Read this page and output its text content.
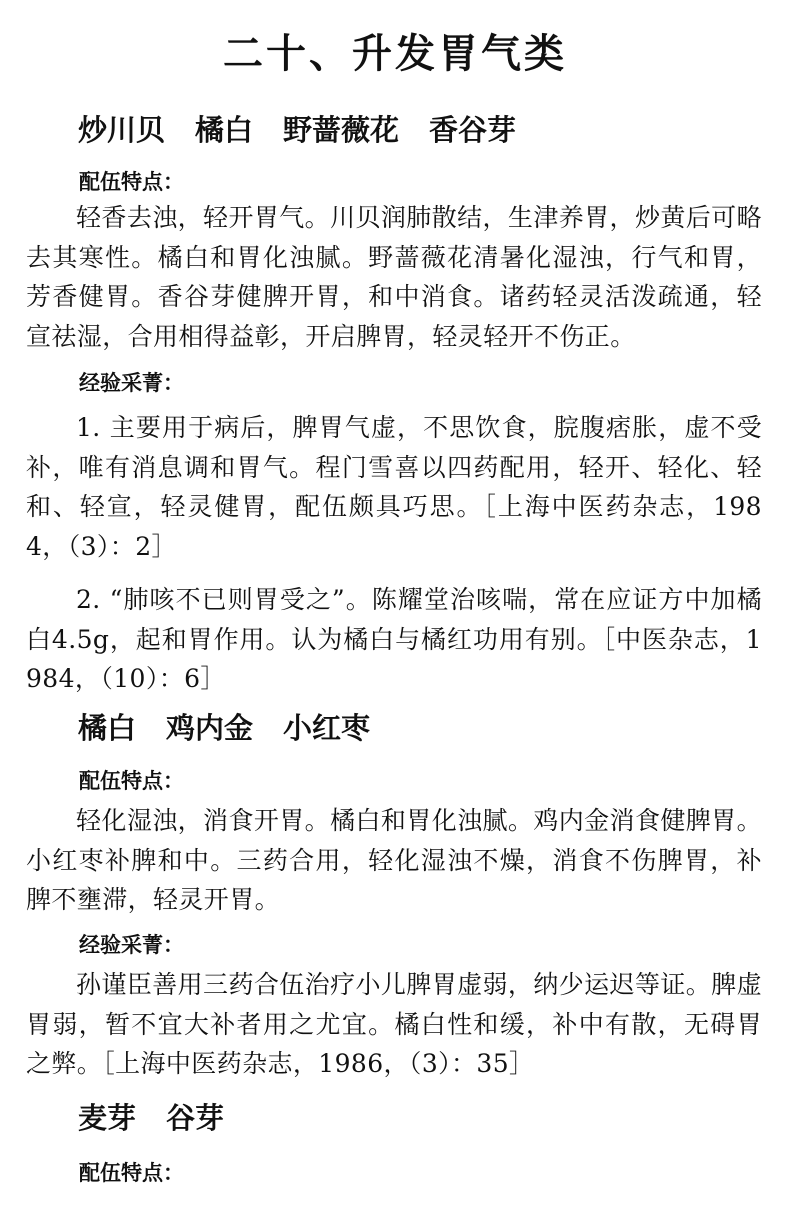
二十、升发胃气类
炒川贝 橘白 野蔷薇花 香谷芽
配伍特点：

轻香去浊，轻开胃气。川贝润肺散结，生津养胃，炒黄后可略去其寒性。橘白和胃化浊腻。野蔷薇花清暑化湿浊，行气和胃，芳香健胃。香谷芽健脾开胃，和中消食。诸药轻灵活泼疏通，轻宣祛湿，合用相得益彰，开启脾胃，轻灵轻开不伤正。

经验采菁：

1. 主要用于病后，脾胃气虚，不思饮食，脘腹痞胀，虚不受补，唯有消息调和胃气。程门雪喜以四药配用，轻开、轻化、轻和、轻宣，轻灵健胃，配伍颇具巧思。［上海中医药杂志，1984，（3）：2］

2. “肺咳不已则胃受之”。陈耀堂治咳喘，常在应证方中加橘白4.5g，起和胃作用。认为橘白与橘红功用有别。［中医杂志，1984，（10）：6］

橘白 鸡内金 小红枣
配伍特点：

轻化湿浊，消食开胃。橘白和胃化浊腻。鸡内金消食健脾胃。小红枣补脾和中。三药合用，轻化湿浊不燥，消食不伤脾胃，补脾不壅滞，轻灵开胃。

经验采菁：

孙谨臣善用三药合伍治疗小儿脾胃虚弱，纳少运迟等证。脾虚胃弱，暂不宜大补者用之尤宜。橘白性和缓，补中有散，无碍胃之弊。［上海中医药杂志，1986，（3）：35］

麦芽 谷芽
配伍特点：
